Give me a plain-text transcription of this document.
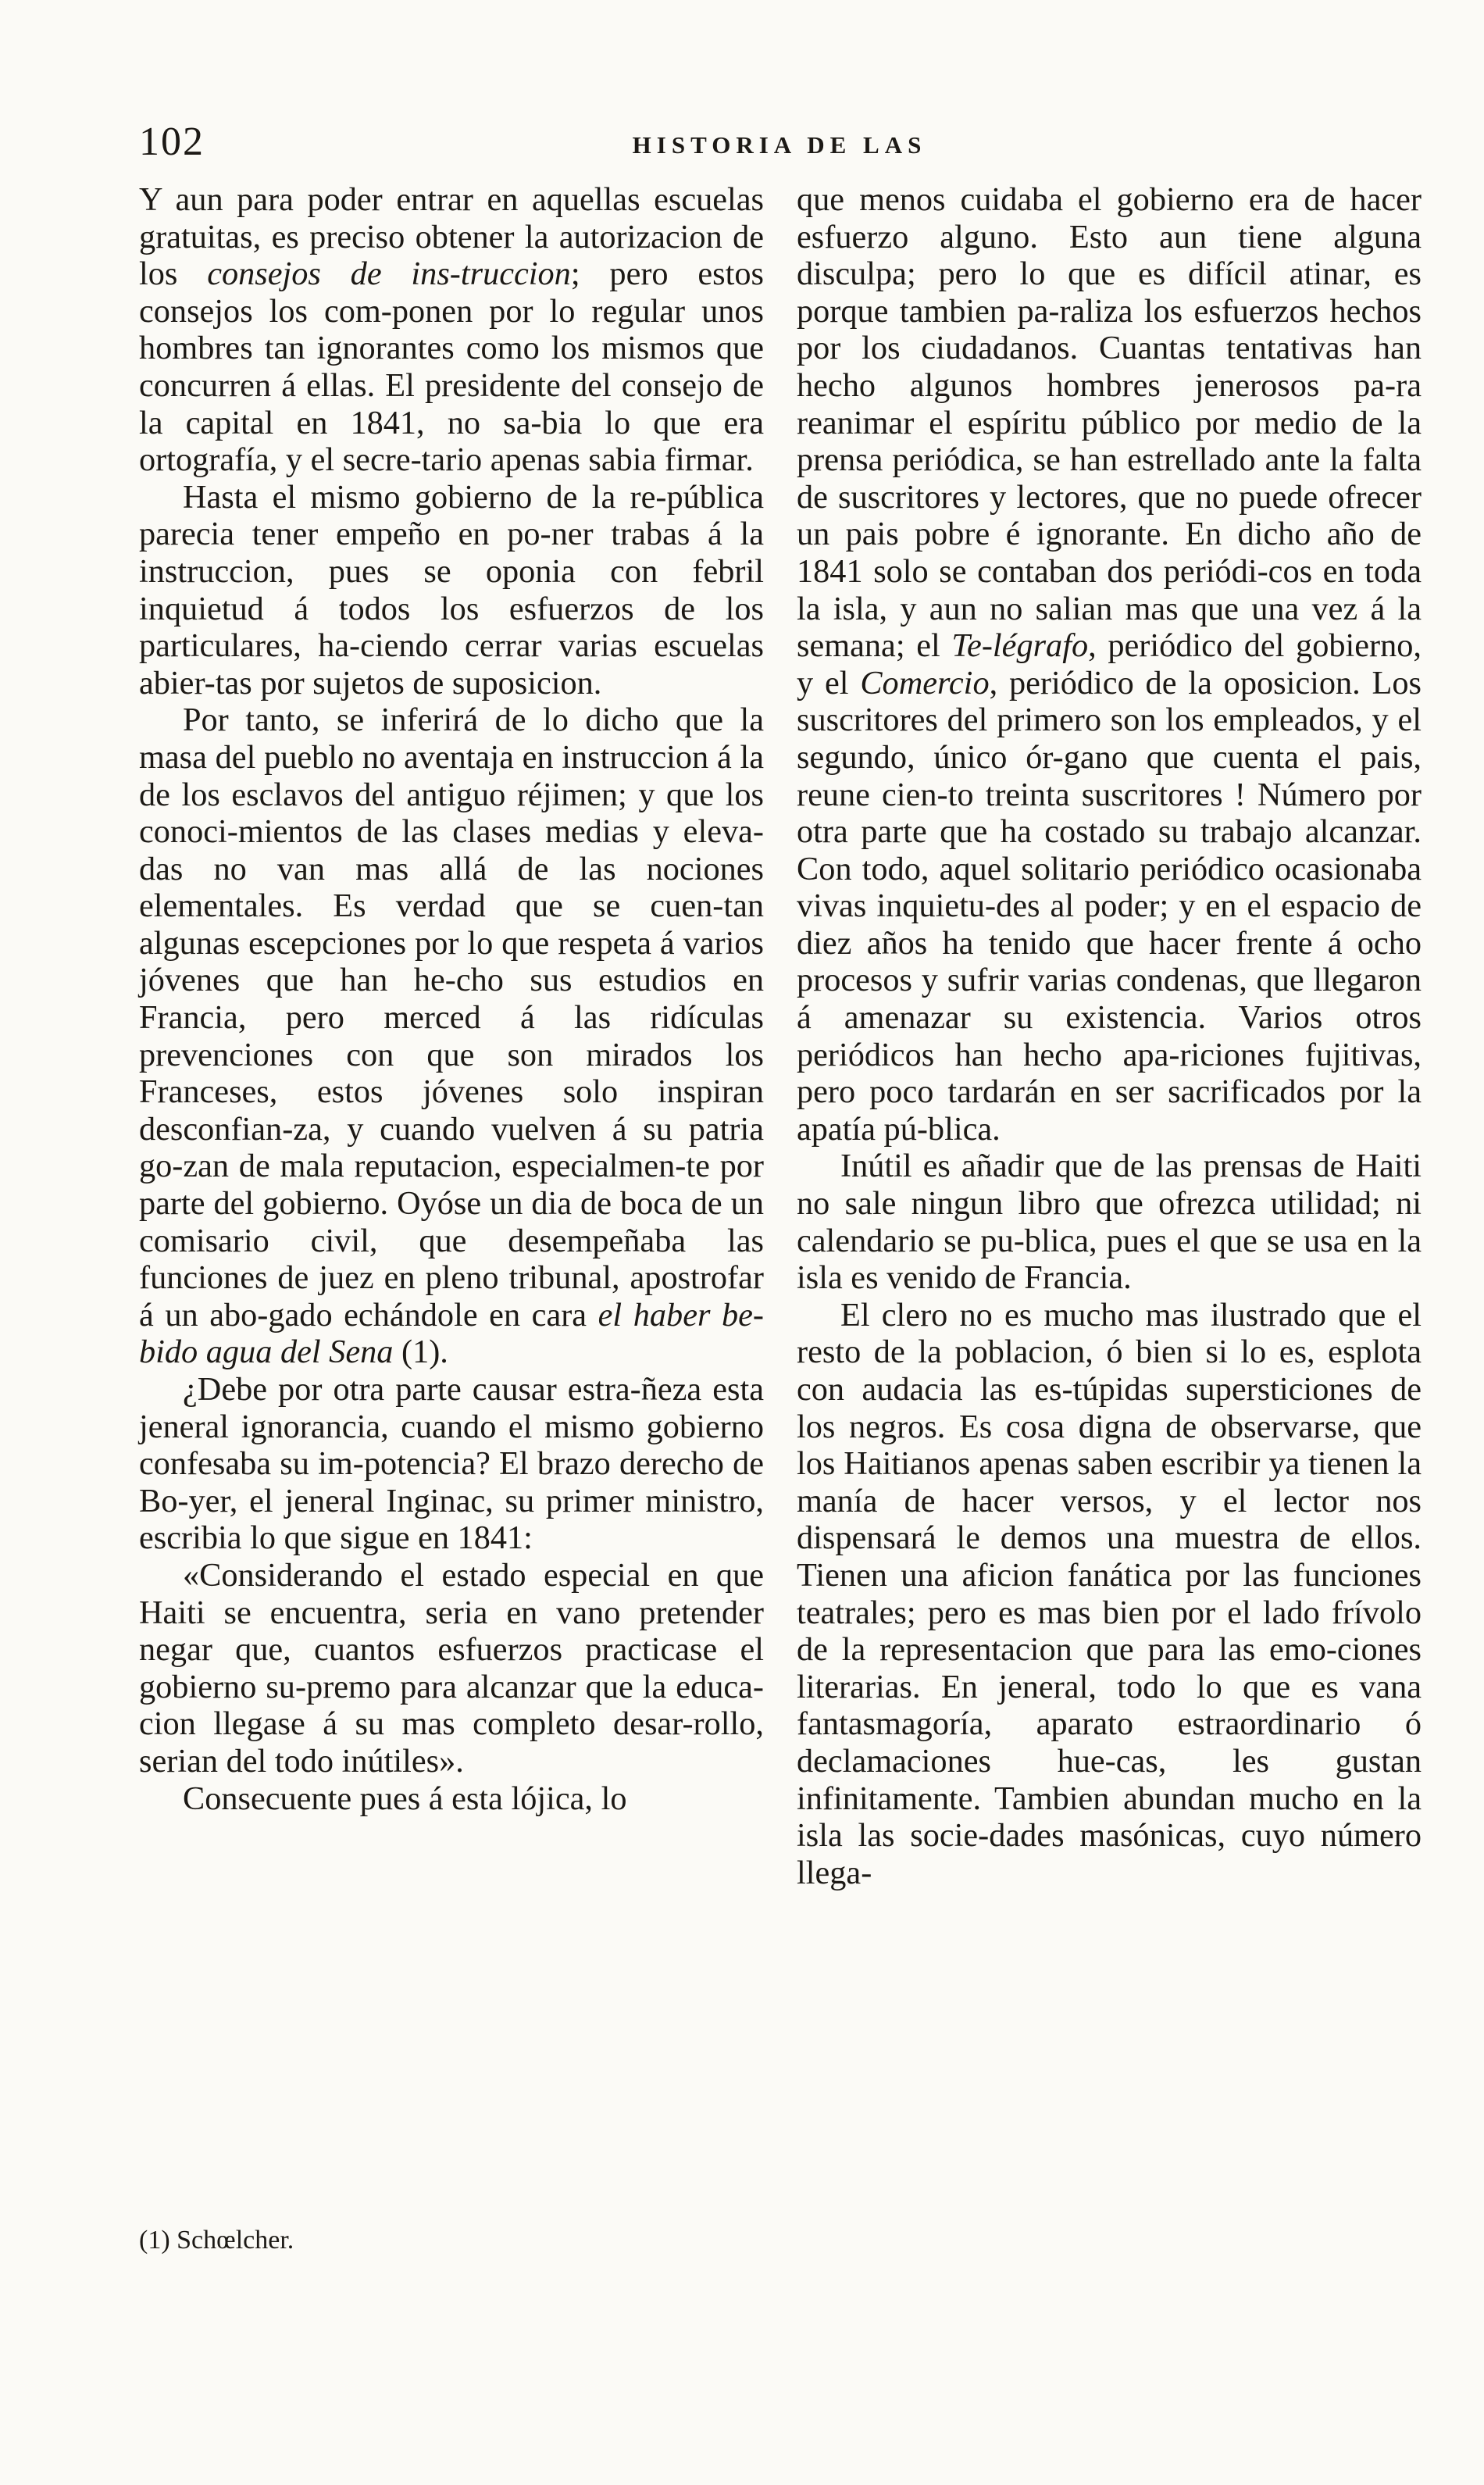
102	HISTORIA DE LAS

Y aun para poder entrar en aquellas escuelas gratuitas, es preciso obtener la autorizacion de los consejos de ins-truccion; pero estos consejos los com-ponen por lo regular unos hombres tan ignorantes como los mismos que concurren á ellas. El presidente del consejo de la capital en 1841, no sa-bia lo que era ortografía, y el secre-tario apenas sabia firmar.

Hasta el mismo gobierno de la re-pública parecia tener empeño en po-ner trabas á la instruccion, pues se oponia con febril inquietud á todos los esfuerzos de los particulares, ha-ciendo cerrar varias escuelas abier-tas por sujetos de suposicion.

Por tanto, se inferirá de lo dicho que la masa del pueblo no aventaja en instruccion á la de los esclavos del antiguo réjimen; y que los conoci-mientos de las clases medias y eleva-das no van mas allá de las nociones elementales. Es verdad que se cuen-tan algunas escepciones por lo que respeta á varios jóvenes que han he-cho sus estudios en Francia, pero merced á las ridículas prevenciones con que son mirados los Franceses, estos jóvenes solo inspiran desconfian-za, y cuando vuelven á su patria go-zan de mala reputacion, especialmen-te por parte del gobierno. Oyóse un dia de boca de un comisario civil, que desempeñaba las funciones de juez en pleno tribunal, apostrofar á un abo-gado echándole en cara el haber be-bido agua del Sena (1).

¿Debe por otra parte causar estra-ñeza esta jeneral ignorancia, cuando el mismo gobierno confesaba su im-potencia? El brazo derecho de Bo-yer, el jeneral Inginac, su primer ministro, escribia lo que sigue en 1841:

«Considerando el estado especial en que Haiti se encuentra, seria en vano pretender negar que, cuantos esfuerzos practicase el gobierno su-premo para alcanzar que la educa-cion llegase á su mas completo desar-rollo, serian del todo inútiles».

Consecuente pues á esta lójica, lo

que menos cuidaba el gobierno era de hacer esfuerzo alguno. Esto aun tiene alguna disculpa; pero lo que es difícil atinar, es porque tambien pa-raliza los esfuerzos hechos por los ciudadanos. Cuantas tentativas han hecho algunos hombres jenerosos pa-ra reanimar el espíritu público por medio de la prensa periódica, se han estrellado ante la falta de suscritores y lectores, que no puede ofrecer un pais pobre é ignorante. En dicho año de 1841 solo se contaban dos periódi-cos en toda la isla, y aun no salian mas que una vez á la semana; el Te-légrafo, periódico del gobierno, y el Comercio, periódico de la oposicion. Los suscritores del primero son los empleados, y el segundo, único ór-gano que cuenta el pais, reune cien-to treinta suscritores ! Número por otra parte que ha costado su trabajo alcanzar. Con todo, aquel solitario periódico ocasionaba vivas inquietu-des al poder; y en el espacio de diez años ha tenido que hacer frente á ocho procesos y sufrir varias condenas, que llegaron á amenazar su existencia. Varios otros periódicos han hecho apa-riciones fujitivas, pero poco tardarán en ser sacrificados por la apatía pú-blica.

Inútil es añadir que de las prensas de Haiti no sale ningun libro que ofrezca utilidad; ni calendario se pu-blica, pues el que se usa en la isla es venido de Francia.

El clero no es mucho mas ilustrado que el resto de la poblacion, ó bien si lo es, esplota con audacia las es-túpidas supersticiones de los negros. Es cosa digna de observarse, que los Haitianos apenas saben escribir ya tienen la manía de hacer versos, y el lector nos dispensará le demos una muestra de ellos. Tienen una aficion fanática por las funciones teatrales; pero es mas bien por el lado frívolo de la representacion que para las emo-ciones literarias. En jeneral, todo lo que es vana fantasmagoría, aparato estraordinario ó declamaciones hue-cas, les gustan infinitamente. Tambien abundan mucho en la isla las socie-dades masónicas, cuyo número llega-

(1) Schœlcher.
